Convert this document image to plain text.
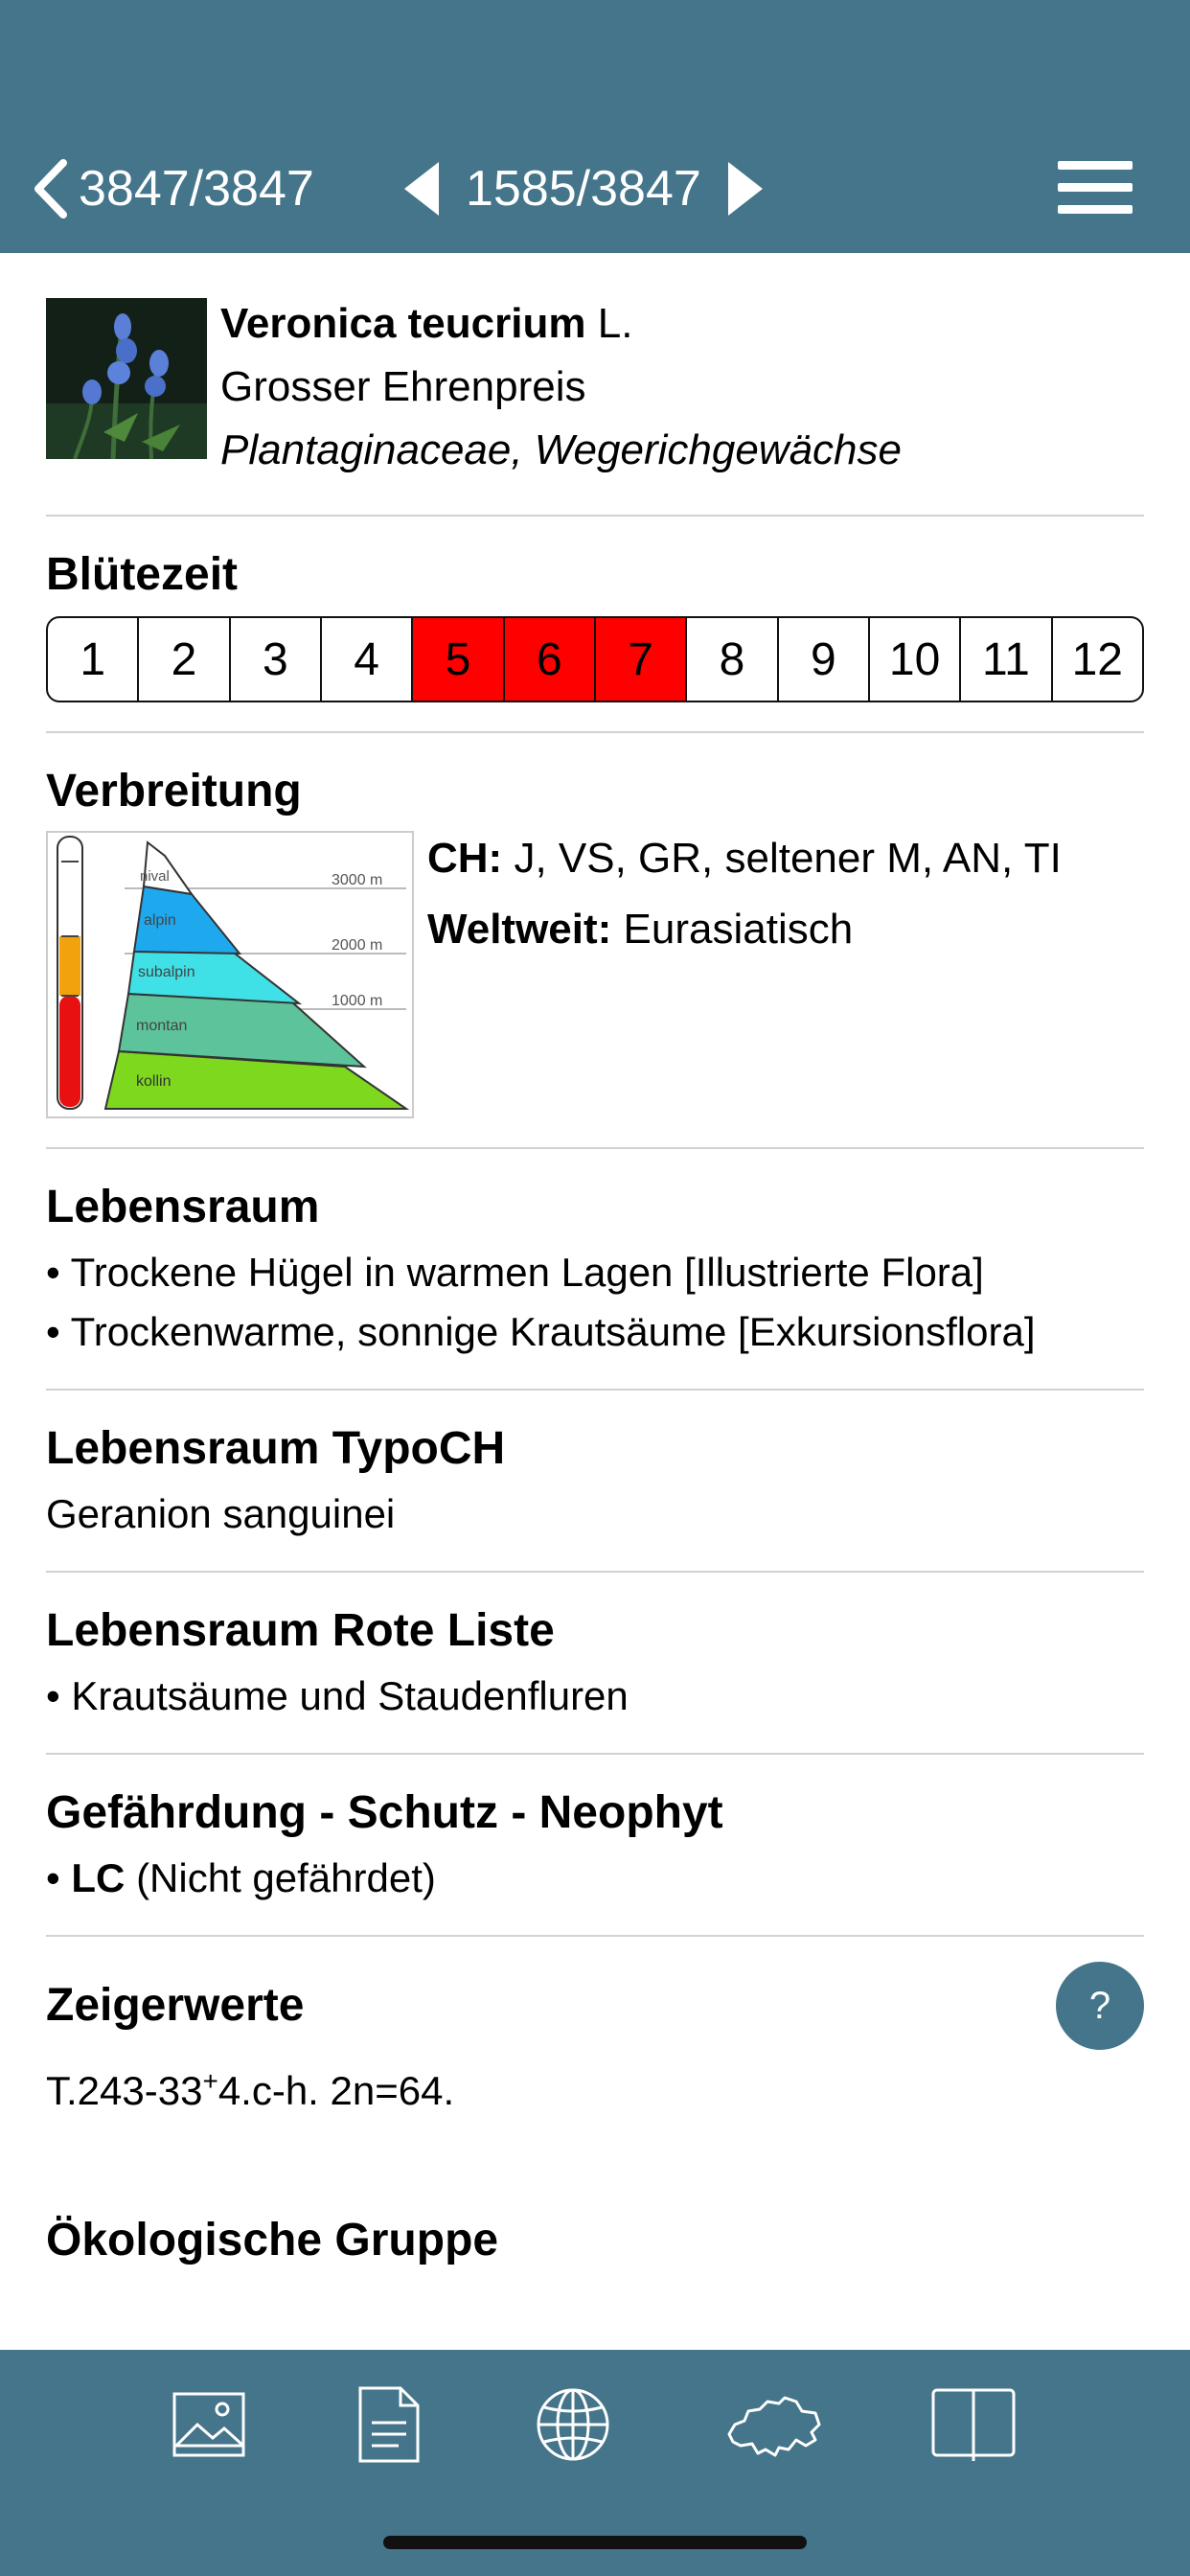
3847/3847	1585/3847
Veronica teucrium L.
Grosser Ehrenpreis
Plantaginaceae, Wegerichgewächse
Blütezeit
1	2	3	4	5	6	7	8	9	10 11 12
Verbreitung
nival
alpin
subalpin
montan
kollin
3000 m
2000 m
1000 m
CH: J, VS, GR, seltener M, AN, TI
Weltweit: Eurasiatisch
Lebensraum
• Trockene Hügel in warmen Lagen [Illustrierte Flora]
• Trockenwarme, sonnige Krautsäume [Exkursionsflora]
Lebensraum TypoCH
Geranion sanguinei
Lebensraum Rote Liste
• Krautsäume und Staudenfluren
Gefährdung - Schutz - Neophyt
• LC (Nicht gefährdet)
Zeigerwerte	?
T.243-33+4.c-h. 2n=64.
Ökologische Gruppe
